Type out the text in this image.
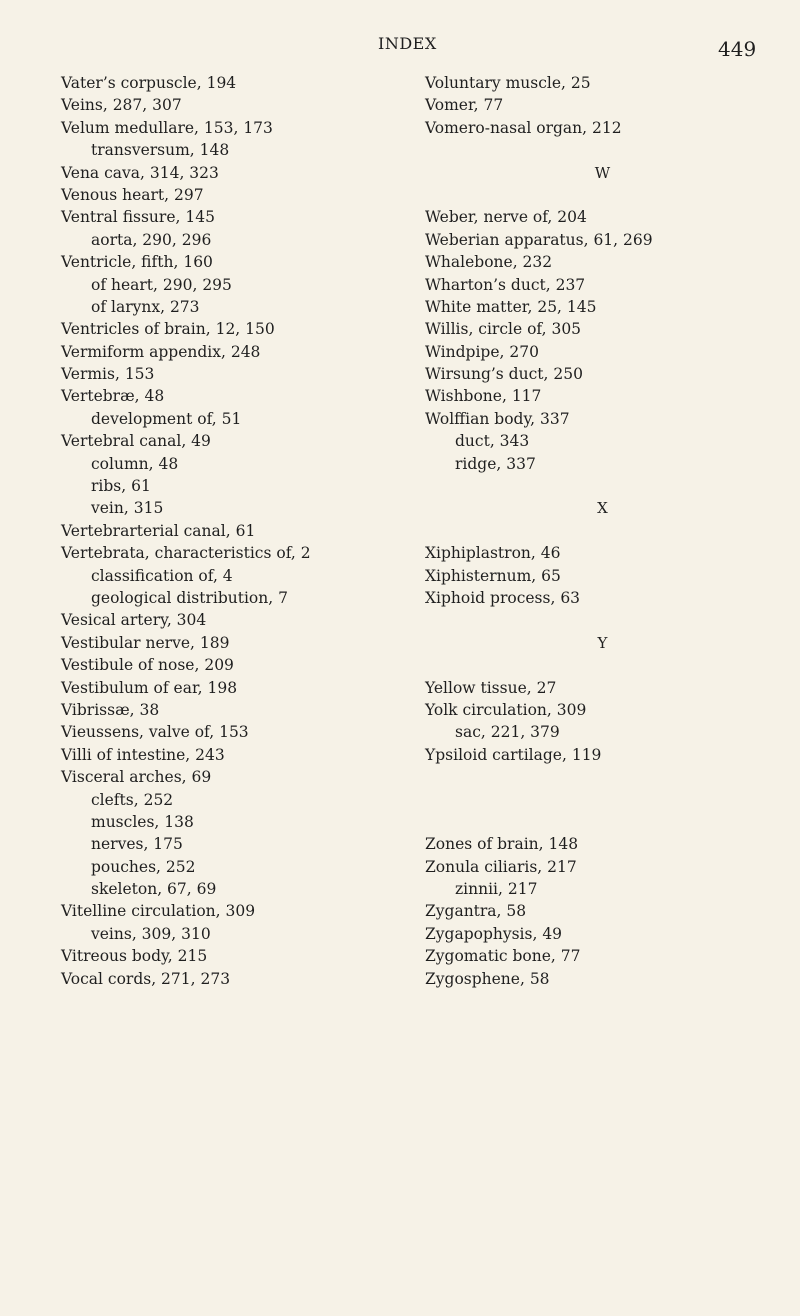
INDEX	449
Vater’s corpuscle, 194
Veins, 287, 307
Velum medullare, 153, 173
transversum, 148
Vena cava, 314, 323
Venous heart, 297
Ventral fissure, 145
aorta, 290, 296
Ventricle, fifth, 160
of heart, 290, 295
of larynx, 273
Ventricles of brain, 12, 150
Vermiform appendix, 248
Vermis, 153
Vertebræ, 48
development of, 51
Vertebral canal, 49
column, 48
ribs, 61
vein, 315
Vertebrarterial canal, 61
Vertebrata, characteristics of, 2
classification of, 4
geological distribution, 7
Vesical artery, 304
Vestibular nerve, 189
Vestibule of nose, 209
Vestibulum of ear, 198
Vibrissæ, 38
Vieussens, valve of, 153
Villi of intestine, 243
Visceral arches, 69
clefts, 252
muscles, 138
nerves, 175
pouches, 252
skeleton, 67, 69
Vitelline circulation, 309
veins, 309, 310
Vitreous body, 215
Vocal cords, 271, 273
Voluntary muscle, 25
Vomer, 77
Vomero-nasal organ, 212
W
Weber, nerve of, 204
Weberian apparatus, 61, 269
Whalebone, 232
Wharton’s duct, 237
White matter, 25, 145
Willis, circle of, 305
Windpipe, 270
Wirsung’s duct, 250
Wishbone, 117
Wolffian body, 337
duct, 343
ridge, 337
X
Xiphiplastron, 46
Xiphisternum, 65
Xiphoid process, 63
Y
Yellow tissue, 27
Yolk circulation, 309
sac, 221, 379
Ypsiloid cartilage, 119
Zones of brain, 148
Zonula ciliaris, 217
zinnii, 217
Zygantra, 58
Zygapophysis, 49
Zygomatic bone, 77
Zygosphene, 58
